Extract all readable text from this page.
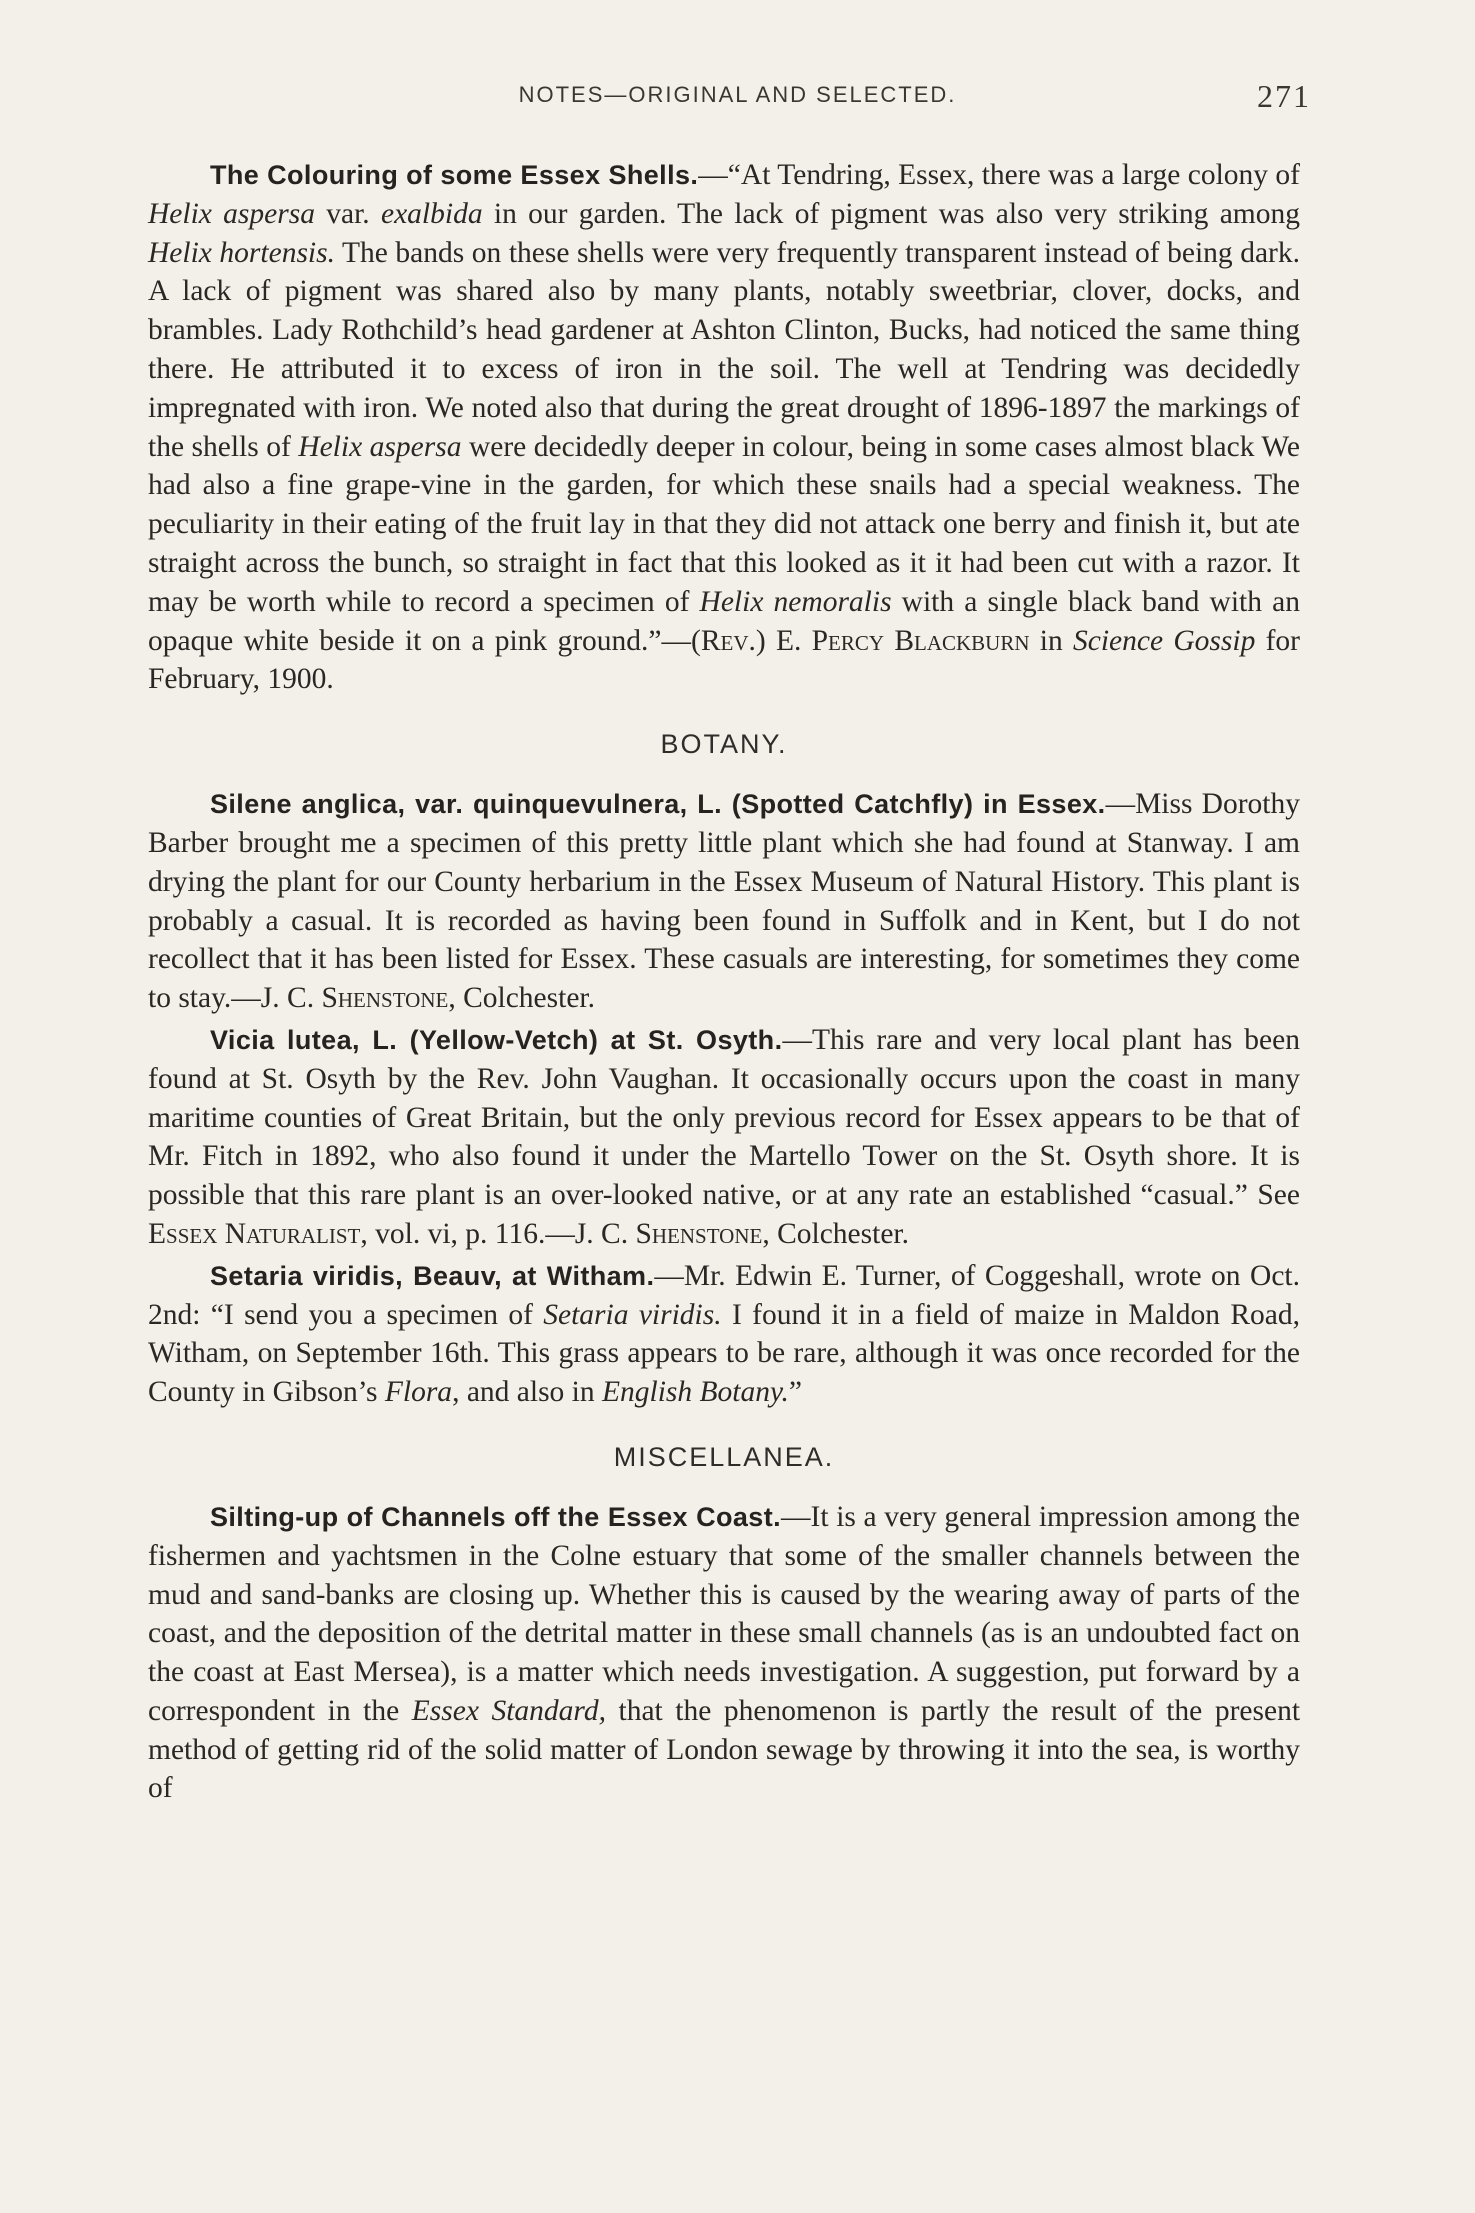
NOTES—ORIGINAL AND SELECTED.	271

The Colouring of some Essex Shells.—“At Tendring, Essex, there was a large colony of Helix aspersa var. exalbida in our garden. The lack of pigment was also very striking among Helix hortensis. The bands on these shells were very frequently transparent instead of being dark. A lack of pigment was shared also by many plants, notably sweetbriar, clover, docks, and brambles. Lady Rothchild’s head gardener at Ashton Clinton, Bucks, had noticed the same thing there. He attributed it to excess of iron in the soil. The well at Tendring was decidedly impregnated with iron. We noted also that during the great drought of 1896-1897 the markings of the shells of Helix aspersa were decidedly deeper in colour, being in some cases almost black We had also a fine grape-vine in the garden, for which these snails had a special weakness. The peculiarity in their eating of the fruit lay in that they did not attack one berry and finish it, but ate straight across the bunch, so straight in fact that this looked as it it had been cut with a razor. It may be worth while to record a specimen of Helix nemoralis with a single black band with an opaque white beside it on a pink ground.”—(Rev.) E. Percy Blackburn in Science Gossip for February, 1900.

BOTANY.

Silene anglica, var. quinquevulnera, L. (Spotted Catchfly) in Essex.—Miss Dorothy Barber brought me a specimen of this pretty little plant which she had found at Stanway. I am drying the plant for our County herbarium in the Essex Museum of Natural History. This plant is probably a casual. It is recorded as having been found in Suffolk and in Kent, but I do not recollect that it has been listed for Essex. These casuals are interesting, for sometimes they come to stay.—J. C. Shenstone, Colchester.

Vicia lutea, L. (Yellow-Vetch) at St. Osyth.—This rare and very local plant has been found at St. Osyth by the Rev. John Vaughan. It occasionally occurs upon the coast in many maritime counties of Great Britain, but the only previous record for Essex appears to be that of Mr. Fitch in 1892, who also found it under the Martello Tower on the St. Osyth shore. It is possible that this rare plant is an over-looked native, or at any rate an established “casual.” See Essex Naturalist, vol. vi, p. 116.—J. C. Shenstone, Colchester.

Setaria viridis, Beauv, at Witham.—Mr. Edwin E. Turner, of Coggeshall, wrote on Oct. 2nd: “I send you a specimen of Setaria viridis. I found it in a field of maize in Maldon Road, Witham, on September 16th. This grass appears to be rare, although it was once recorded for the County in Gibson’s Flora, and also in English Botany.”

MISCELLANEA.

Silting-up of Channels off the Essex Coast.—It is a very general impression among the fishermen and yachtsmen in the Colne estuary that some of the smaller channels between the mud and sand-banks are closing up. Whether this is caused by the wearing away of parts of the coast, and the deposition of the detrital matter in these small channels (as is an undoubted fact on the coast at East Mersea), is a matter which needs investigation. A suggestion, put forward by a correspondent in the Essex Standard, that the phenomenon is partly the result of the present method of getting rid of the solid matter of London sewage by throwing it into the sea, is worthy of
